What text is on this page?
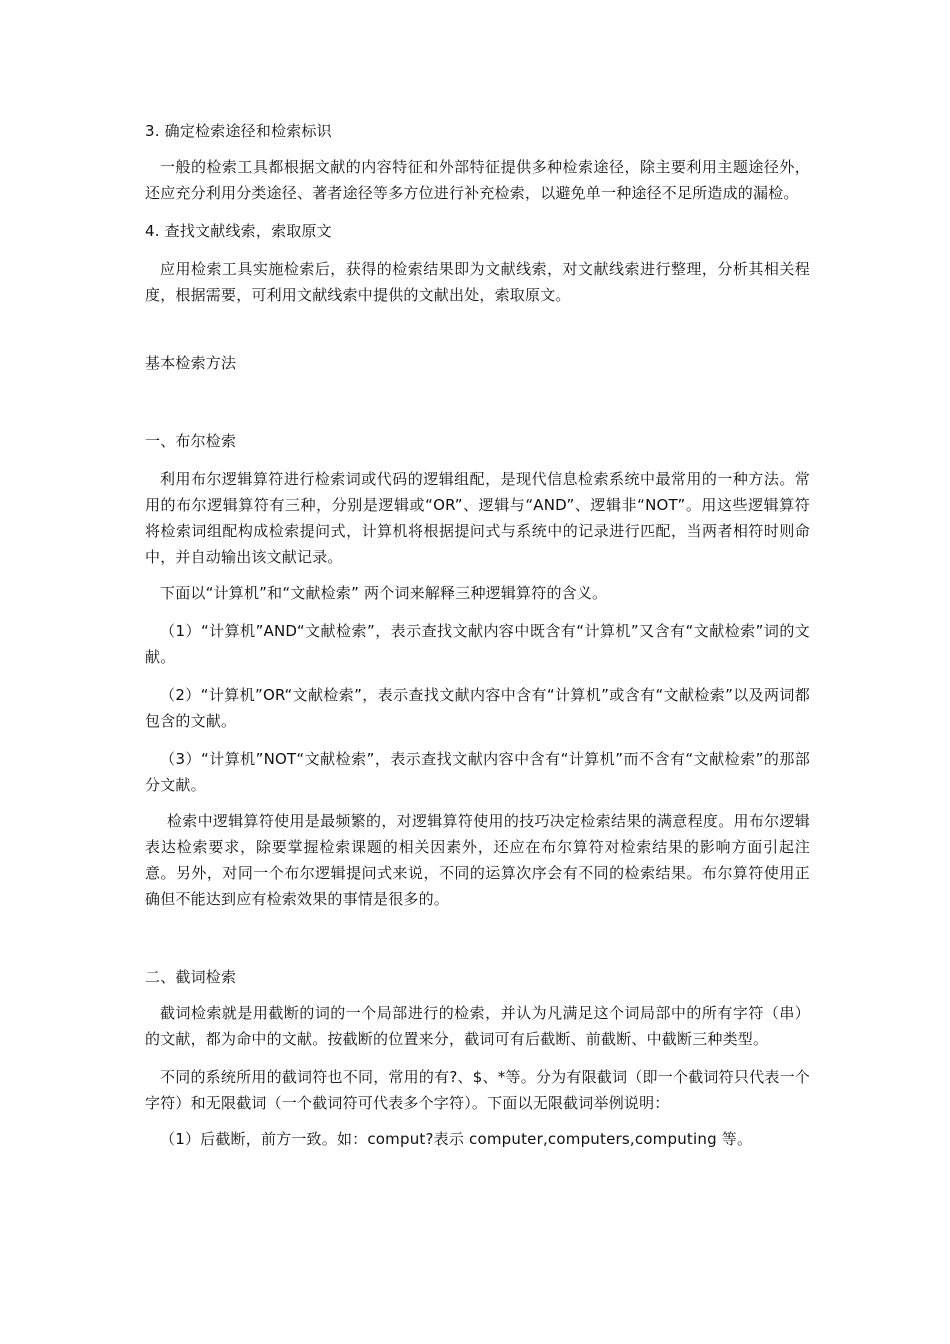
3. 确定检索途径和检索标识

一般的检索工具都根据文献的内容特征和外部特征提供多种检索途径，除主要利用主题途径外，还应充分利用分类途径、著者途径等多方位进行补充检索，以避免单一种途径不足所造成的漏检。

4. 查找文献线索，索取原文

应用检索工具实施检索后，获得的检索结果即为文献线索，对文献线索进行整理，分析其相关程度，根据需要，可利用文献线索中提供的文献出处，索取原文。

基本检索方法

一、布尔检索

利用布尔逻辑算符进行检索词或代码的逻辑组配，是现代信息检索系统中最常用的一种方法。常用的布尔逻辑算符有三种，分别是逻辑或“OR”、逻辑与“AND”、逻辑非“NOT”。用这些逻辑算符将检索词组配构成检索提问式，计算机将根据提问式与系统中的记录进行匹配，当两者相符时则命中，并自动输出该文献记录。

下面以“计算机”和“文献检索” 两个词来解释三种逻辑算符的含义。

（1）“计算机”AND“文献检索”，表示查找文献内容中既含有“计算机”又含有“文献检索”词的文献。

（2）“计算机”OR“文献检索”，表示查找文献内容中含有“计算机”或含有“文献检索”以及两词都包含的文献。

（3）“计算机”NOT“文献检索”，表示查找文献内容中含有“计算机”而不含有“文献检索”的那部分文献。

检索中逻辑算符使用是最频繁的，对逻辑算符使用的技巧决定检索结果的满意程度。用布尔逻辑表达检索要求，除要掌握检索课题的相关因素外，还应在布尔算符对检索结果的影响方面引起注意。另外，对同一个布尔逻辑提问式来说，不同的运算次序会有不同的检索结果。布尔算符使用正确但不能达到应有检索效果的事情是很多的。

二、截词检索

截词检索就是用截断的词的一个局部进行的检索，并认为凡满足这个词局部中的所有字符（串）的文献，都为命中的文献。按截断的位置来分，截词可有后截断、前截断、中截断三种类型。

不同的系统所用的截词符也不同，常用的有?、$、*等。分为有限截词（即一个截词符只代表一个字符）和无限截词（一个截词符可代表多个字符）。下面以无限截词举例说明：

（1）后截断，前方一致。如：comput?表示 computer,computers,computing 等。
